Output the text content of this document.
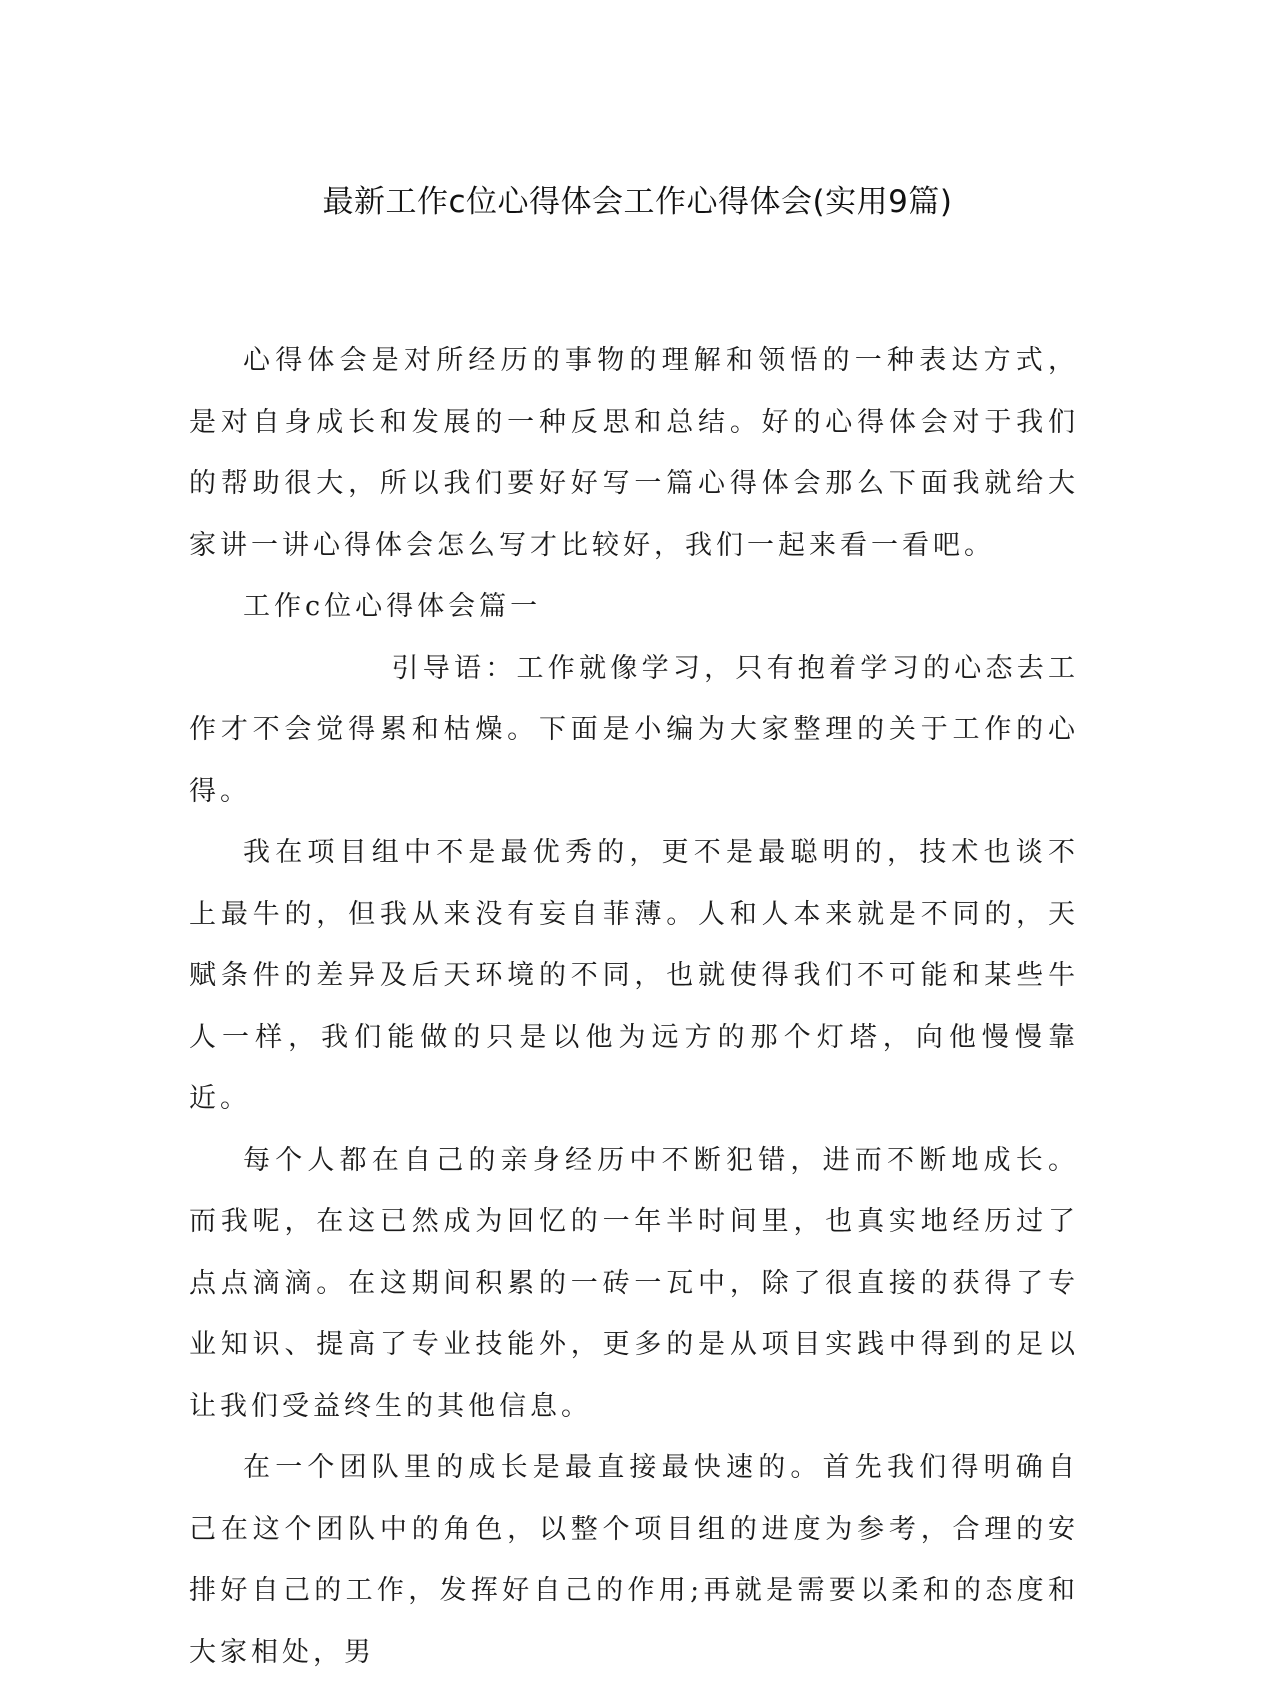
最新工作c位心得体会工作心得体会(实用9篇)

心得体会是对所经历的事物的理解和领悟的一种表达方式，是对自身成长和发展的一种反思和总结。好的心得体会对于我们的帮助很大，所以我们要好好写一篇心得体会那么下面我就给大家讲一讲心得体会怎么写才比较好，我们一起来看一看吧。

工作c位心得体会篇一

引导语：工作就像学习，只有抱着学习的心态去工作才不会觉得累和枯燥。下面是小编为大家整理的关于工作的心得。

我在项目组中不是最优秀的，更不是最聪明的，技术也谈不上最牛的，但我从来没有妄自菲薄。人和人本来就是不同的，天赋条件的差异及后天环境的不同，也就使得我们不可能和某些牛人一样，我们能做的只是以他为远方的那个灯塔，向他慢慢靠近。

每个人都在自己的亲身经历中不断犯错，进而不断地成长。而我呢，在这已然成为回忆的一年半时间里，也真实地经历过了点点滴滴。在这期间积累的一砖一瓦中，除了很直接的获得了专业知识、提高了专业技能外，更多的是从项目实践中得到的足以让我们受益终生的其他信息。

在一个团队里的成长是最直接最快速的。首先我们得明确自己在这个团队中的角色，以整个项目组的进度为参考，合理的安排好自己的工作，发挥好自己的作用;再就是需要以柔和的态度和大家相处，男
